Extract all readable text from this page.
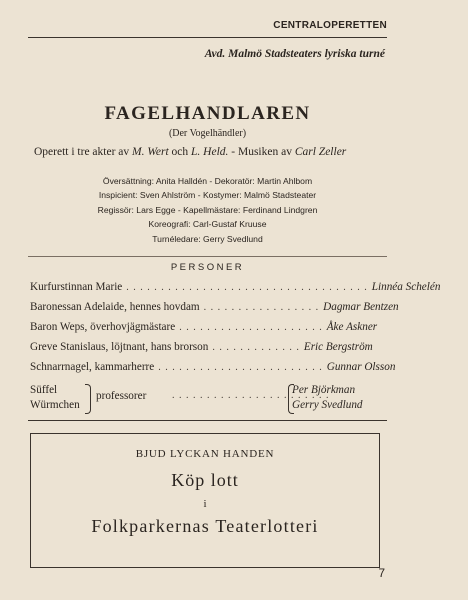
CENTRALOPERETTEN
Avd. Malmö Stadsteaters lyriska turné
FAGELHANDLAREN
(Der Vogelhändler)
Operett i tre akter av M. Wert och L. Held. - Musiken av Carl Zeller
Översättning: Anita Halldén - Dekoratör: Martin Ahlbom
Inspicient: Sven Ahlström - Kostymer: Malmö Stadsteater
Regissör: Lars Egge - Kapellmästare: Ferdinand Lindgren
Koreografi: Carl-Gustaf Kruuse
Turnéledare: Gerry Svedlund
PERSONER
Kurfurstinnan Marie . . . . . . . . . . . . . . . . . . . . . . . . . . . . . . . . . . . Linnéa Schelén
Baronessan Adelaide, hennes hovdam . . . . . . . . . . . . . . . . . Dagmar Bentzen
Baron Weps, överhovjägmästare . . . . . . . . . . . . . . . . . . . . . Åke Askner
Greve Stanislaus, löjtnant, hans brorson . . . . . . . . . . . . . Eric Bergström
Schnarrnagel, kammarherre . . . . . . . . . . . . . . . . . . . . . . . . Gunnar Olsson
Süffel
Würmchen
professorer	. . . . . . . . . . . . . . . . . . . . . . .
Per Björkman
Gerry Svedlund
BJUD LYCKAN HANDEN
Köp lott
i
Folkparkernas Teaterlotteri
7
